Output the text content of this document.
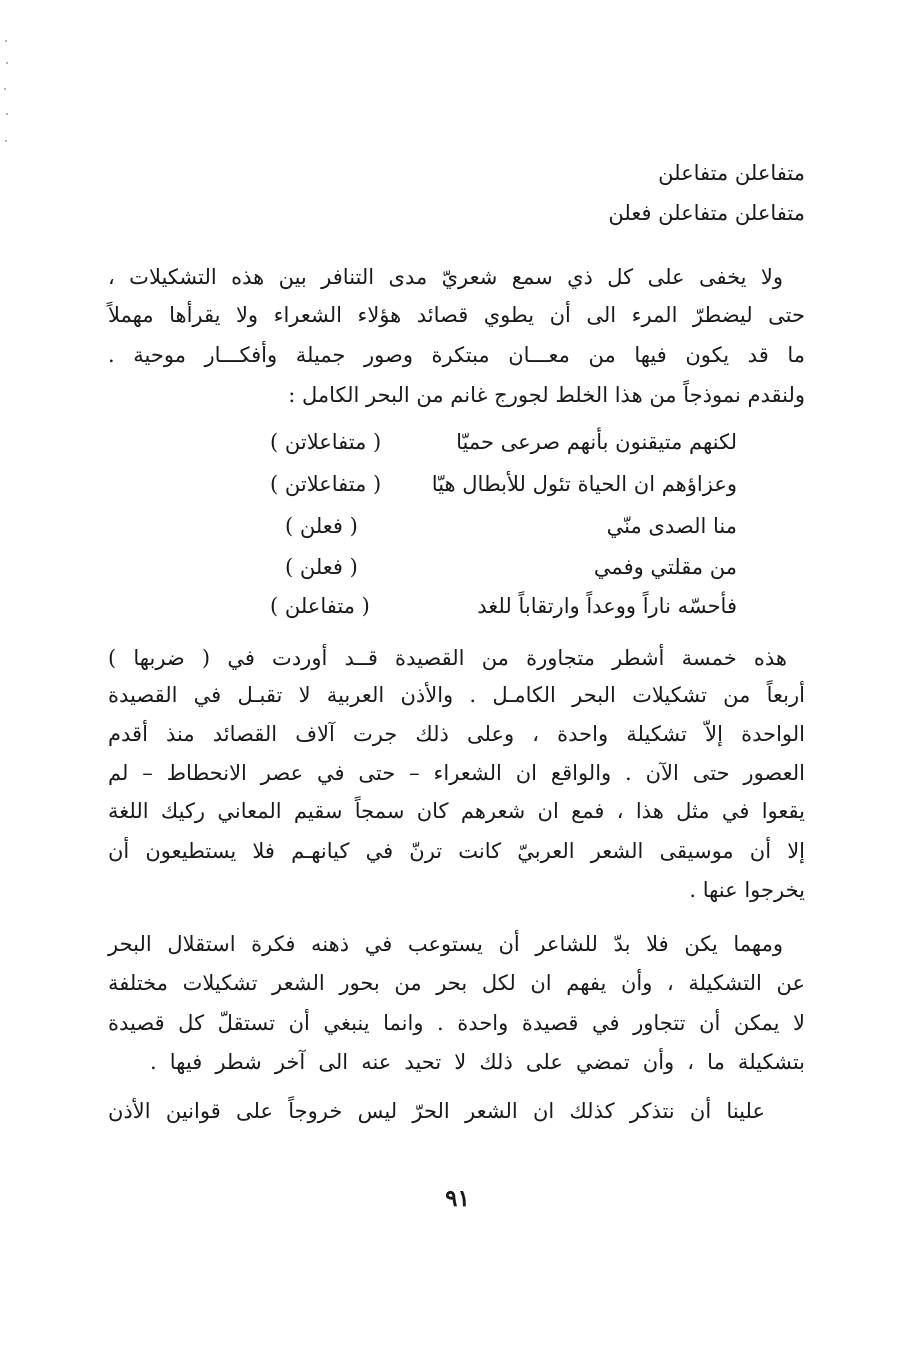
متفاعلن متفاعلن
متفاعلن متفاعلن فعلن
ولا يخفى على كل ذي سمع شعريّ مدى التنافر بين هذه التشكيلات ،
حتى ليضطرّ المرء الى أن يطوي قصائد هؤلاء الشعراء ولا يقرأها مهملاً
ما قد يكون فيها من معـــان مبتكرة وصور جميلة وأفكـــار موحية .
ولنقدم نموذجاً من هذا الخلط لجورج غانم من البحر الكامل :
لكنهم متيقنون بأنهم صرعى حميّا
( متفاعلاتن )
وعزاؤهم ان الحياة تئول للأبطال هيّا
( متفاعلاتن )
منا الصدى منّي
( فعلن )
من مقلتي وفمي
( فعلن )
فأحسّه ناراً ووعداً وارتقاباً للغد
( متفاعلن )
هذه خمسة أشطر متجاورة من القصيدة قــد أوردت في ( ضربها )
أربعاً من تشكيلات البحر الكامـل . والأذن العربية لا تقبـل في القصيدة
الواحدة إلاّ تشكيلة واحدة ، وعلى ذلك جرت آلاف القصائد منذ أقدم
العصور حتى الآن . والواقع ان الشعراء – حتى في عصر الانحطاط – لم
يقعوا في مثل هذا ، فمع ان شعرهم كان سمجاً سقيم المعاني ركيك اللغة
إلا أن موسيقى الشعر العربيّ كانت ترنّ في كيانهـم فلا يستطيعون أن
يخرجوا عنها .
ومهما يكن فلا بدّ للشاعر أن يستوعب في ذهنه فكرة استقلال البحر
عن التشكيلة ، وأن يفهم ان لكل بحر من بحور الشعر تشكيلات مختلفة
لا يمكن أن تتجاور في قصيدة واحدة . وانما ينبغي أن تستقلّ كل قصيدة
بتشكيلة ما ، وأن تمضي على ذلك لا تحيد عنه الى آخر شطر فيها .
علينا أن نتذكر كذلك ان الشعر الحرّ ليس خروجاً على قوانين الأذن
٩١
